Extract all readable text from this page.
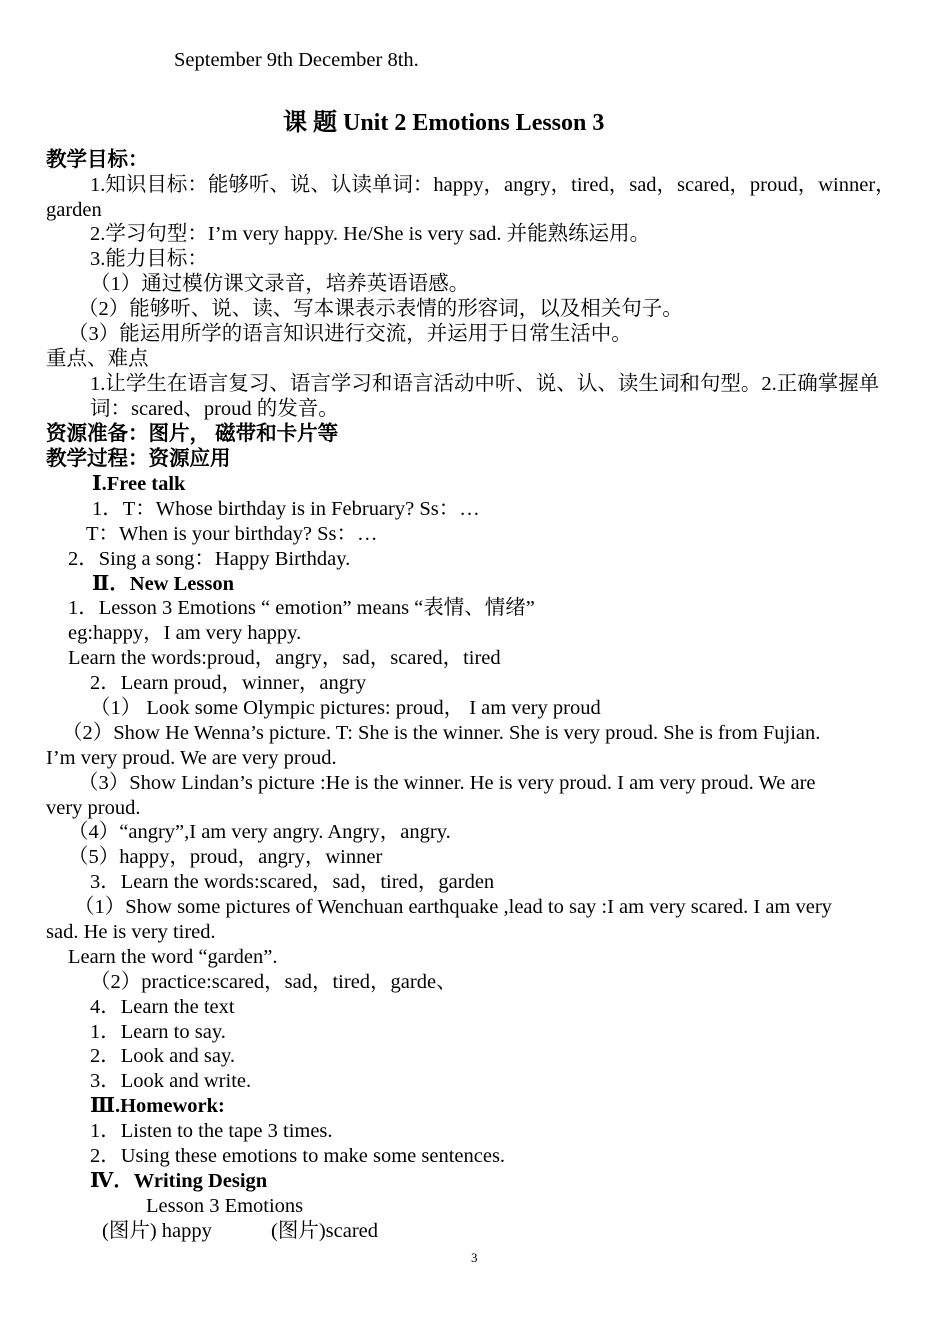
September 9th December 8th.
课 题 Unit 2 Emotions Lesson 3
教学目标：
1.知识目标：能够听、说、认读单词：happy，angry，tired，sad，scared，proud，winner，
garden
2.学习句型：I’m very happy. He/She is very sad. 并能熟练运用。
3.能力目标：
（1）通过模仿课文录音，培养英语语感。
（2）能够听、说、读、写本课表示表情的形容词，以及相关句子。
（3）能运用所学的语言知识进行交流，并运用于日常生活中。
重点、难点
1.让学生在语言复习、语言学习和语言活动中听、说、认、读生词和句型。2.正确掌握单
词：scared、proud 的发音。
资源准备：图片， 磁带和卡片等
教学过程：资源应用
Ⅰ.Free talk
1．T：Whose birthday is in February? Ss：…
T：When is your birthday? Ss：…
2．Sing a song：Happy Birthday.
Ⅱ．New Lesson
1．Lesson 3 Emotions “ emotion” means “表情、情绪”
eg:happy，I am very happy.
Learn the words:proud，angry，sad，scared，tired
2．Learn proud，winner，angry
（1） Look some Olympic pictures: proud， I am very proud
（2）Show He Wenna’s picture. T: She is the winner. She is very proud. She is from Fujian.
I’m very proud. We are very proud.
（3）Show Lindan’s picture :He is the winner. He is very proud. I am very proud. We are
very proud.
（4）“angry”,I am very angry. Angry，angry.
（5）happy，proud，angry，winner
3．Learn the words:scared，sad，tired，garden
（1）Show some pictures of Wenchuan earthquake ,lead to say :I am very scared. I am very
sad. He is very tired.
Learn the word “garden”.
（2）practice:scared，sad，tired，garde、
4．Learn the text
1．Learn to say.
2．Look and say.
3．Look and write.
Ⅲ.Homework:
1．Listen to the tape 3 times.
2．Using these emotions to make some sentences.
Ⅳ．Writing Design
Lesson 3 Emotions
(图片) happy	(图片)scared
3
